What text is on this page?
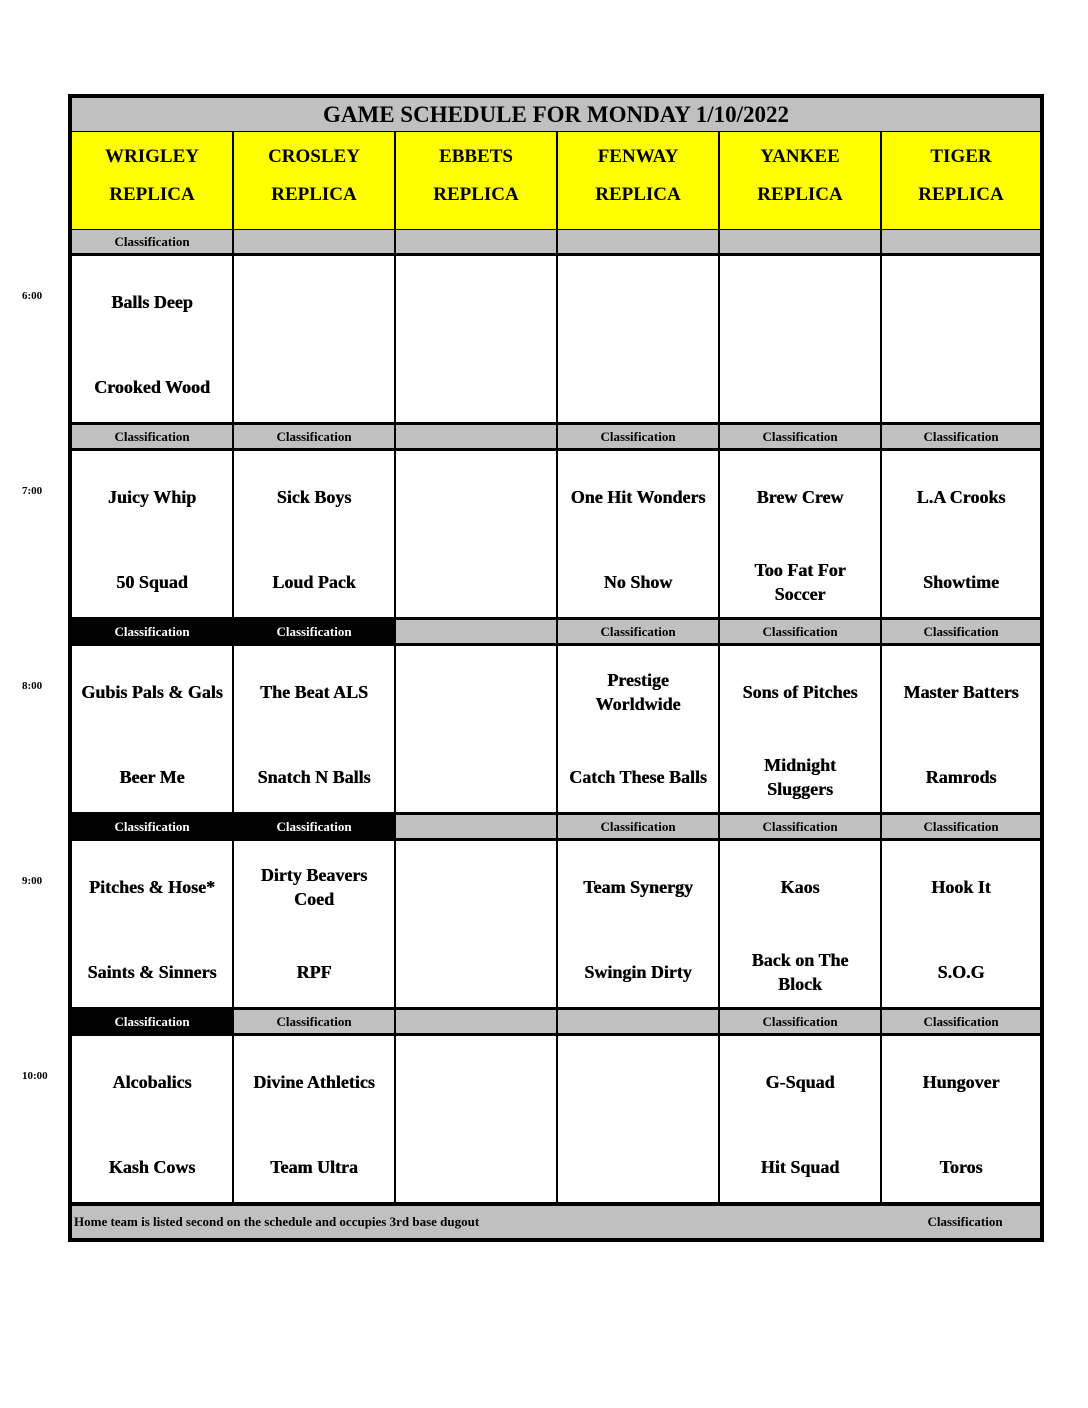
GAME SCHEDULE FOR MONDAY 1/10/2022
WRIGLEY
REPLICA
CROSLEY
REPLICA
EBBETS
REPLICA
FENWAY
REPLICA
YANKEE
REPLICA
TIGER
REPLICA
Classification
Balls Deep
Crooked Wood
Classification
Juicy Whip
50 Squad
Classification
Sick Boys
Loud Pack
Classification
One Hit Wonders
No Show
Classification
Brew Crew
Too Fat For
Soccer
Classification
L.A Crooks
Showtime
Classification
Gubis Pals & Gals
Beer Me
Classification
The Beat ALS
Snatch N Balls
Classification
Prestige
Worldwide
Catch These Balls
Classification
Sons of Pitches
Midnight
Sluggers
Classification
Master Batters
Ramrods
Classification
Pitches & Hose*
Saints & Sinners
Classification
Dirty Beavers
Coed
RPF
Classification
Team Synergy
Swingin Dirty
Classification
Kaos
Back on The
Block
Classification
Hook It
S.O.G
Classification
Alcobalics
Kash Cows
Classification
Divine Athletics
Team Ultra
Classification
G-Squad
Hit Squad
Classification
Hungover
Toros
Home team is listed second on the schedule and occupies 3rd base dugout	Classification
6:00
7:00
8:00
9:00
10:00
